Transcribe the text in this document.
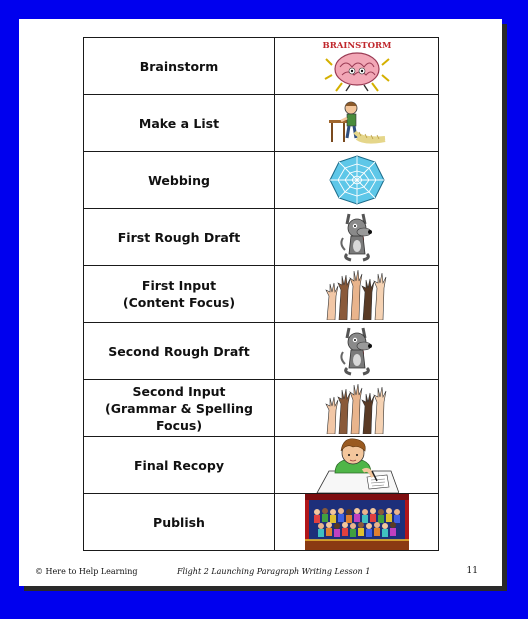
Brainstorm	BRAINSTORM

Make a List	

Webbing	

First Rough Draft	

First Input
(Content Focus)	

Second Rough Draft	

Second Input
(Grammar & Spelling Focus)	

Final Recopy	

Publish	
© Here to Help Learning	Flight 2 Launching Paragraph Writing Lesson 1	11
